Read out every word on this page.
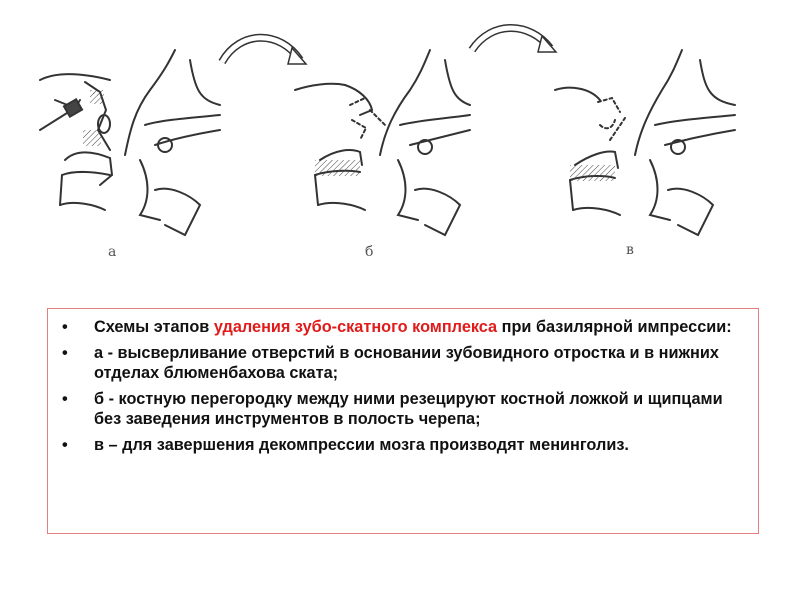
а	б	в
• Схемы этапов удаления зубо-скатного комплекса при базилярной импрессии:
• а - высверливание отверстий в основании зубовидного отростка и в нижних отделах блюменбахова ската;
• б - костную перегородку между ними резецируют костной ложкой и щипцами без заведения инструментов в полость черепа;
• в – для завершения декомпрессии мозга производят менинголиз.
